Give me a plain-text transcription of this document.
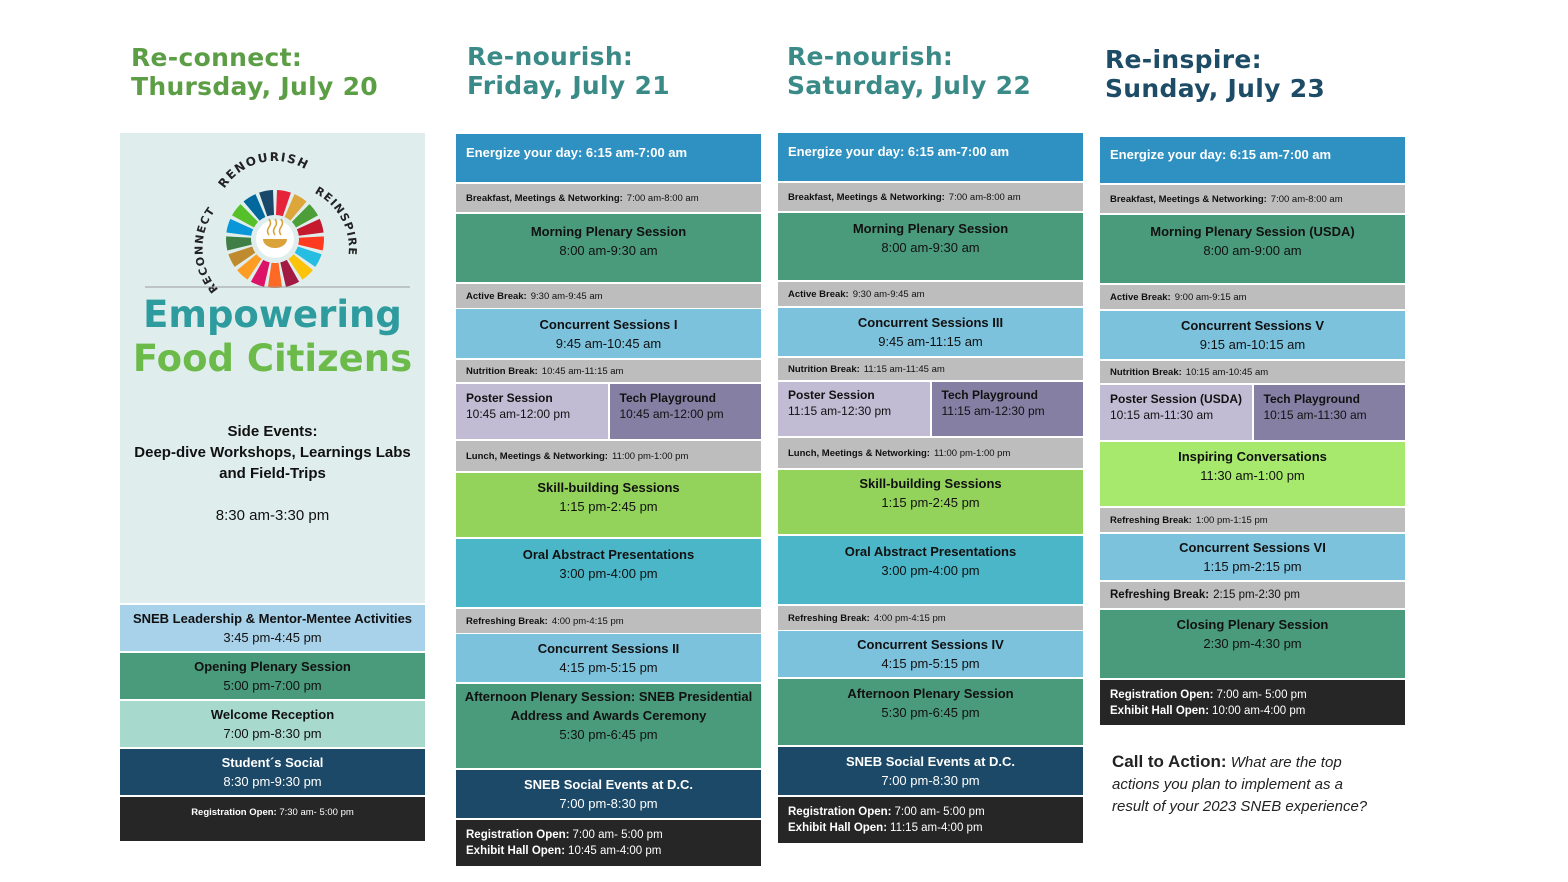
Re-connect:
Thursday, July 20
Re-nourish:
Friday, July 21
Re-nourish:
Saturday, July 22
Re-inspire:
Sunday, July 23
RENOURISH
RECONNECT
REINSPIRE
Empowering
Food Citizens
Side Events:
Deep-dive Workshops, Learnings Labs
and Field-Trips
8:30 am-3:30 pm
SNEB Leadership & Mentor-Mentee Activities
3:45 pm-4:45 pm
Opening Plenary Session
5:00 pm-7:00 pm
Welcome Reception
7:00 pm-8:30 pm
Student´s Social
8:30 pm-9:30 pm
Registration Open: 7:30 am- 5:00 pm
Energize your day: 6:15 am-7:00 am
Breakfast, Meetings & Networking: 7:00 am-8:00 am
Morning Plenary Session
8:00 am-9:30 am
Active Break: 9:30 am-9:45 am
Concurrent Sessions I
9:45 am-10:45 am
Nutrition Break: 10:45 am-11:15 am
Poster Session
10:45 am-12:00 pm
Tech Playground
10:45 am-12:00 pm
Lunch, Meetings & Networking: 11:00 pm-1:00 pm
Skill-building Sessions
1:15 pm-2:45 pm
Oral Abstract Presentations
3:00 pm-4:00 pm
Refreshing Break: 4:00 pm-4:15 pm
Concurrent Sessions II
4:15 pm-5:15 pm
Afternoon Plenary Session: SNEB Presidential
Address and Awards Ceremony
5:30 pm-6:45 pm
SNEB Social Events at D.C.
7:00 pm-8:30 pm
Registration Open: 7:00 am- 5:00 pm
Exhibit Hall Open: 10:45 am-4:00 pm
Energize your day: 6:15 am-7:00 am
Breakfast, Meetings & Networking: 7:00 am-8:00 am
Morning Plenary Session
8:00 am-9:30 am
Active Break: 9:30 am-9:45 am
Concurrent Sessions III
9:45 am-11:15 am
Nutrition Break: 11:15 am-11:45 am
Poster Session
11:15 am-12:30 pm
Tech Playground
11:15 am-12:30 pm
Lunch, Meetings & Networking: 11:00 pm-1:00 pm
Skill-building Sessions
1:15 pm-2:45 pm
Oral Abstract Presentations
3:00 pm-4:00 pm
Refreshing Break: 4:00 pm-4:15 pm
Concurrent Sessions IV
4:15 pm-5:15 pm
Afternoon Plenary Session
5:30 pm-6:45 pm
SNEB Social Events at D.C.
7:00 pm-8:30 pm
Registration Open: 7:00 am- 5:00 pm
Exhibit Hall Open: 11:15 am-4:00 pm
Energize your day: 6:15 am-7:00 am
Breakfast, Meetings & Networking: 7:00 am-8:00 am
Morning Plenary Session (USDA)
8:00 am-9:00 am
Active Break: 9:00 am-9:15 am
Concurrent Sessions V
9:15 am-10:15 am
Nutrition Break: 10:15 am-10:45 am
Poster Session (USDA)
10:15 am-11:30 am
Tech Playground
10:15 am-11:30 am
Inspiring Conversations
11:30 am-1:00 pm
Refreshing Break: 1:00 pm-1:15 pm
Concurrent Sessions VI
1:15 pm-2:15 pm
Refreshing Break: 2:15 pm-2:30 pm
Closing Plenary Session
2:30 pm-4:30 pm
Registration Open: 7:00 am- 5:00 pm
Exhibit Hall Open: 10:00 am-4:00 pm
Call to Action: What are the top
actions you plan to implement as a
result of your 2023 SNEB experience?
